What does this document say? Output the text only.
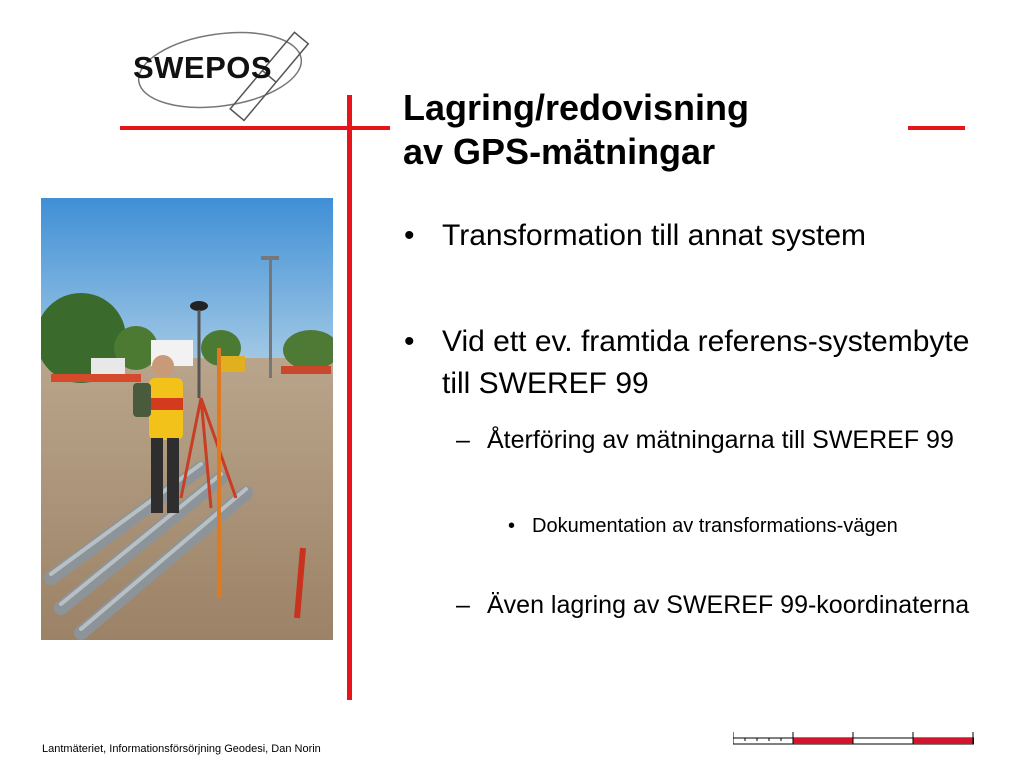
SWEPOS
Lagring/redovisning
av GPS-mätningar
• Transformation till annat system
• Vid ett ev. framtida referens-systembyte till SWEREF 99
– Återföring av mätningarna till SWEREF 99
• Dokumentation av transformations-vägen
– Även lagring av SWEREF 99-koordinaterna
Lantmäteriet, Informationsförsörjning Geodesi, Dan Norin
